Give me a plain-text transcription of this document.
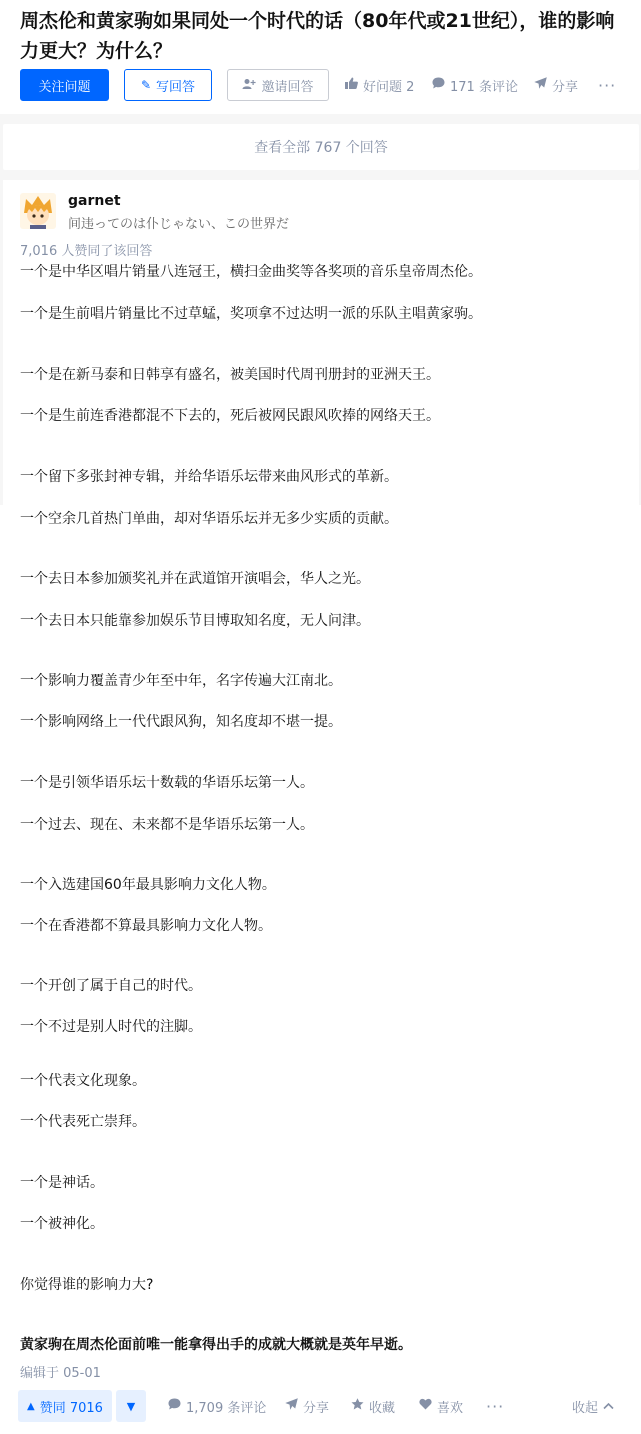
周杰伦和黄家驹如果同处一个时代的话（80年代或21世纪），谁的影响力更大？为什么？
关注问题	✎ 写回答	邀请回答	好问题 2	171 条评论	分享 ···
查看全部 767 个回答
garnet
间违ってのは仆じゃない、この世界だ
7,016 人赞同了该回答
一个是中华区唱片销量八连冠王，横扫金曲奖等各奖项的音乐皇帝周杰伦。
一个是生前唱片销量比不过草蜢，奖项拿不过达明一派的乐队主唱黄家驹。
一个是在新马泰和日韩享有盛名，被美国时代周刊册封的亚洲天王。
一个是生前连香港都混不下去的，死后被网民跟风吹捧的网络天王。
一个留下多张封神专辑，并给华语乐坛带来曲风形式的革新。
一个空余几首热门单曲，却对华语乐坛并无多少实质的贡献。
一个去日本参加颁奖礼并在武道馆开演唱会，华人之光。
一个去日本只能靠参加娱乐节目博取知名度，无人问津。
一个影响力覆盖青少年至中年，名字传遍大江南北。
一个影响网络上一代代跟风狗，知名度却不堪一提。
一个是引领华语乐坛十数载的华语乐坛第一人。
一个过去、现在、未来都不是华语乐坛第一人。
一个入选建国60年最具影响力文化人物。
一个在香港都不算最具影响力文化人物。
一个开创了属于自己的时代。
一个不过是别人时代的注脚。
一个代表文化现象。
一个代表死亡崇拜。
一个是神话。
一个被神化。
你觉得谁的影响力大?
黄家驹在周杰伦面前唯一能拿得出手的成就大概就是英年早逝。
编辑于 05-01
▲ 赞同 7016 ▼	1,709 条评论	分享	收藏	喜欢 ···	收起
